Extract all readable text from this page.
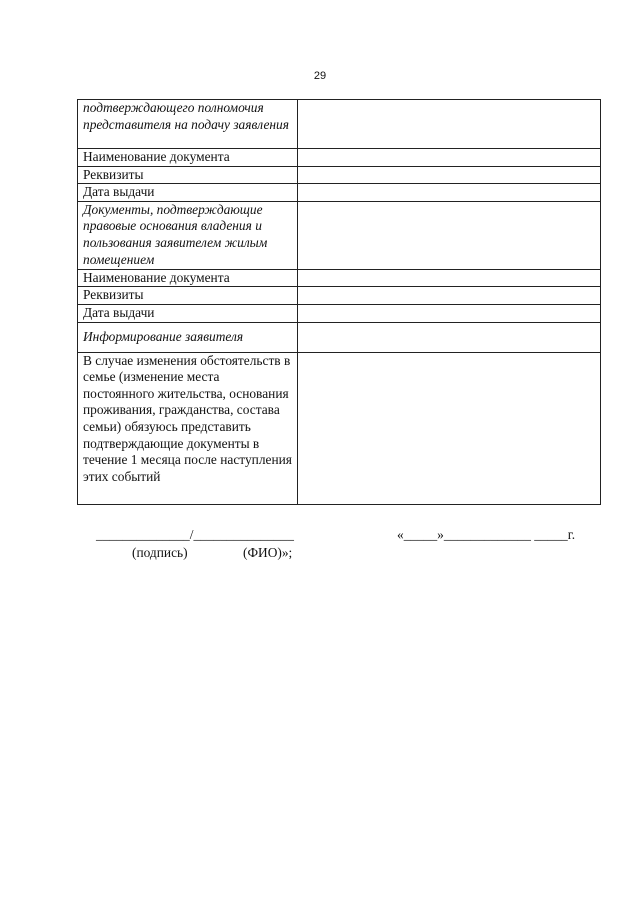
29
подтверждающего полномочия представителя на подачу заявления	
Наименование документа	
Реквизиты	
Дата выдачи	
Документы, подтверждающие правовые основания владения и пользования заявителем жилым помещением	
Наименование документа	
Реквизиты	
Дата выдачи	
Информирование заявителя	
В случае изменения обстоятельств в семье (изменение места постоянного жительства, основания проживания, гражданства, состава семьи) обязуюсь представить подтверждающие документы в течение 1 месяца после наступления этих событий	
______________/_______________
(подпись)	(ФИО)»;
«_____»_____________ _____г.
